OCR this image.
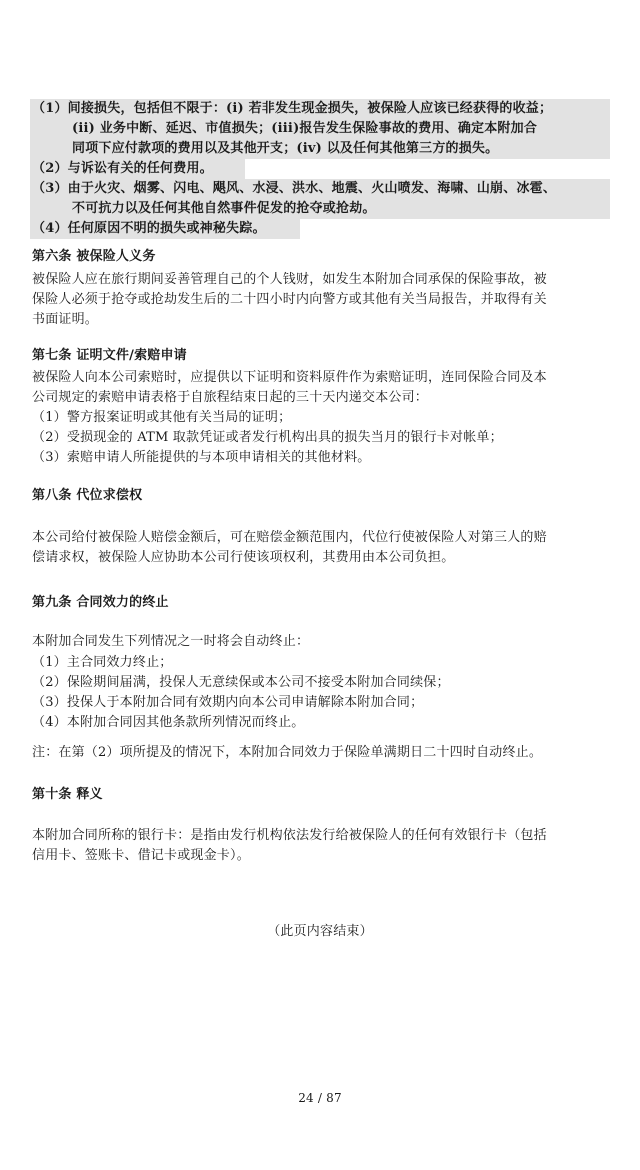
（1）间接损失，包括但不限于：(i) 若非发生现金损失，被保险人应该已经获得的收益；
(ii) 业务中断、延迟、市值损失；(iii)报告发生保险事故的费用、确定本附加合
同项下应付款项的费用以及其他开支；(iv) 以及任何其他第三方的损失。
（2）与诉讼有关的任何费用。
（3）由于火灾、烟雾、闪电、飓风、水浸、洪水、地震、火山喷发、海啸、山崩、冰雹、
不可抗力以及任何其他自然事件促发的抢夺或抢劫。
（4）任何原因不明的损失或神秘失踪。
第六条 被保险人义务
被保险人应在旅行期间妥善管理自己的个人钱财，如发生本附加合同承保的保险事故，被
保险人必须于抢夺或抢劫发生后的二十四小时内向警方或其他有关当局报告，并取得有关
书面证明。
第七条 证明文件/索赔申请
被保险人向本公司索赔时，应提供以下证明和资料原件作为索赔证明，连同保险合同及本
公司规定的索赔申请表格于自旅程结束日起的三十天内递交本公司：
（1）警方报案证明或其他有关当局的证明；
（2）受损现金的 ATM 取款凭证或者发行机构出具的损失当月的银行卡对帐单；
（3）索赔申请人所能提供的与本项申请相关的其他材料。
第八条 代位求偿权
本公司给付被保险人赔偿金额后，可在赔偿金额范围内，代位行使被保险人对第三人的赔
偿请求权，被保险人应协助本公司行使该项权利，其费用由本公司负担。
第九条 合同效力的终止
本附加合同发生下列情况之一时将会自动终止：
（1）主合同效力终止；
（2）保险期间届满，投保人无意续保或本公司不接受本附加合同续保；
（3）投保人于本附加合同有效期内向本公司申请解除本附加合同；
（4）本附加合同因其他条款所列情况而终止。
注：在第（2）项所提及的情况下，本附加合同效力于保险单满期日二十四时自动终止。
第十条 释义
本附加合同所称的银行卡：是指由发行机构依法发行给被保险人的任何有效银行卡（包括
信用卡、签账卡、借记卡或现金卡）。
（此页内容结束）
24 / 87
